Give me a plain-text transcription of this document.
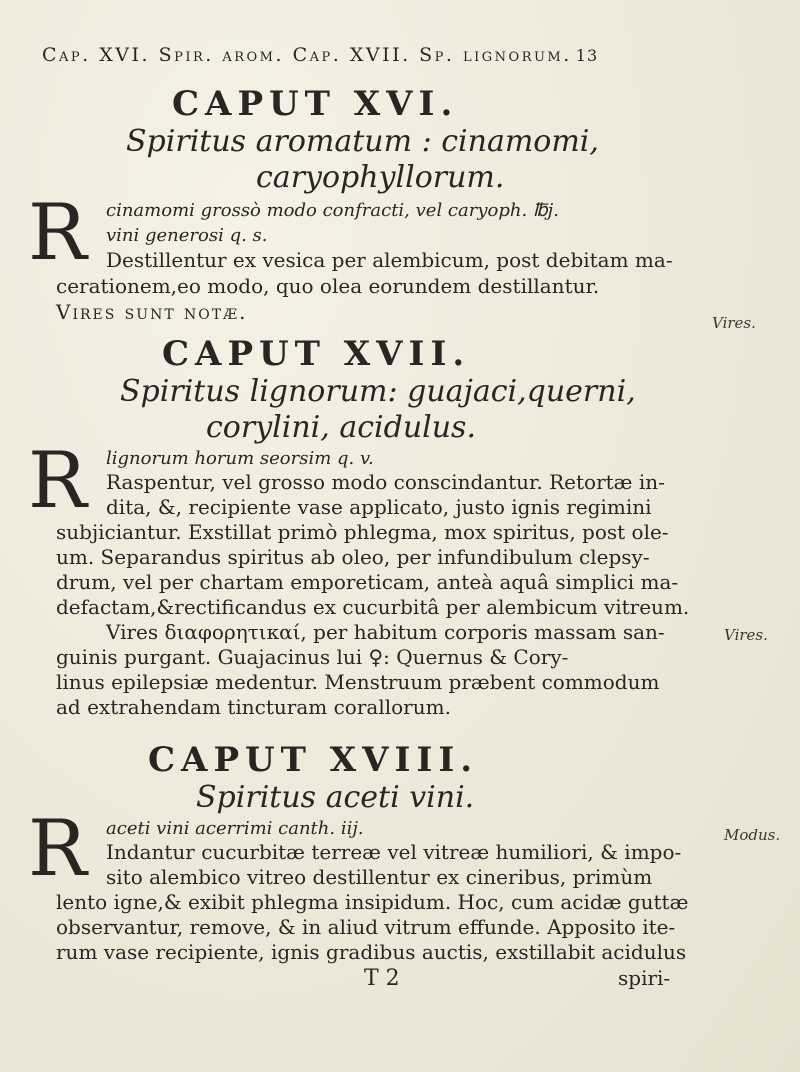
Cap. XVI. Spir. arom. Cap. XVII. Sp. lignorum. 13
CAPUT XVI.
Spiritus aromatum : cinamomi,
caryophyllorum.
R cinamomi grossò modo confracti, vel caryoph. ℔j.
vini generosi q. s.
Destillentur ex vesica per alembicum, post debitam ma-
cerationem,eo modo, quo olea eorundem destillantur.
Vires sunt notæ.	Vires.
CAPUT XVII.
Spiritus lignorum: guajaci,querni,
corylini, acidulus.
R lignorum horum seorsim q. v.
Raspentur, vel grosso modo conscindantur. Retortæ in-
dita, &, recipiente vase applicato, justo ignis regimini
subjiciantur. Exstillat primò phlegma, mox spiritus, post ole-
um. Separandus spiritus ab oleo, per infundibulum clepsy-
drum, vel per chartam emporeticam, anteà aquâ simplici ma-
defactam,&rectificandus ex cucurbitâ per alembicum vitreum.
Vires διαφορητικαί, per habitum corporis massam san-
guinis purgant. Guajacinus lui ♀: Quernus & Cory-
linus epilepsiæ medentur. Menstruum præbent commodum
ad extrahendam tincturam corallorum.
Vires.
CAPUT XVIII.
Spiritus aceti vini.
R aceti vini acerrimi canth. iij.
Indantur cucurbitæ terreæ vel vitreæ humiliori, & impo-
sito alembico vitreo destillentur ex cineribus, primùm
lento igne,& exibit phlegma insipidum. Hoc, cum acidæ guttæ
observantur, remove, & in aliud vitrum effunde. Apposito ite-
rum vase recipiente, ignis gradibus auctis, exstillabit acidulus
Modus.
T 2	spiri-
